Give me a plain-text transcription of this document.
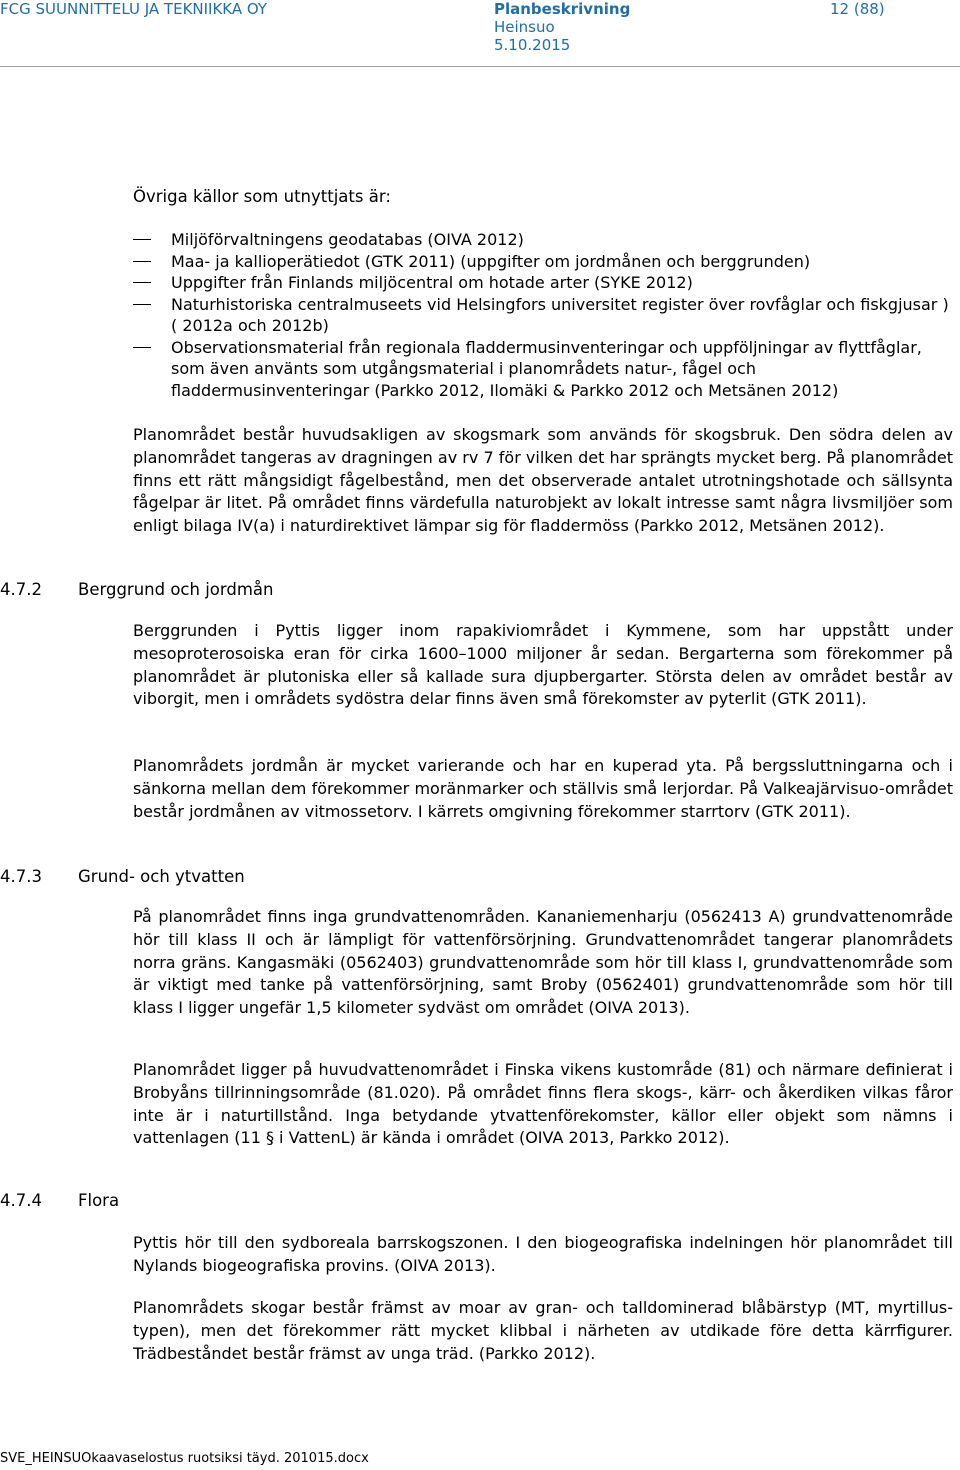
FCG SUUNNITTELU JA TEKNIIKKA OY	Planbeskrivning
Heinsuo
5.10.2015
12 (88)

Övriga källor som utnyttjats är:

Miljöförvaltningens geodatabas (OIVA 2012)
Maa- ja kallioperätiedot (GTK 2011) (uppgifter om jordmånen och berggrunden)
Uppgifter från Finlands miljöcentral om hotade arter (SYKE 2012)
Naturhistoriska centralmuseets vid Helsingfors universitet register över rovfåglar och fiskgjusar )( 2012a och 2012b)
Observationsmaterial från regionala fladdermusinventeringar och uppföljningar av flyttfåglar, som även använts som utgångsmaterial i planområdets natur-, fågel och fladdermusinventeringar (Parkko 2012, Ilomäki & Parkko 2012 och Metsänen 2012)

Planområdet består huvudsakligen av skogsmark som används för skogsbruk. Den södra delen av planområdet tangeras av dragningen av rv 7 för vilken det har sprängts mycket berg. På planområdet finns ett rätt mångsidigt fågelbestånd, men det observerade antalet utrotningshotade och sällsynta fågelpar är litet. På området finns värdefulla naturobjekt av lokalt intresse samt några livsmiljöer som enligt bilaga IV(a) i naturdirektivet lämpar sig för fladdermöss (Parkko 2012, Metsänen 2012).

4.7.2 Berggrund och jordmån

Berggrunden i Pyttis ligger inom rapakiviområdet i Kymmene, som har uppstått under mesoproterosoiska eran för cirka 1600–1000 miljoner år sedan. Bergarterna som förekommer på planområdet är plutoniska eller så kallade sura djupbergarter. Största delen av området består av viborgit, men i områdets sydöstra delar finns även små förekomster av pyterlit (GTK 2011).

Planområdets jordmån är mycket varierande och har en kuperad yta. På bergssluttningarna och i sänkorna mellan dem förekommer moränmarker och ställvis små lerjordar. På Valkeajärvisuo-området består jordmånen av vitmossetorv. I kärrets omgivning förekommer starrtorv (GTK 2011).

4.7.3 Grund- och ytvatten

På planområdet finns inga grundvattenområden. Kananiemenharju (0562413 A) grundvattenområde hör till klass II och är lämpligt för vattenförsörjning. Grundvattenområdet tangerar planområdets norra gräns. Kangasmäki (0562403) grundvattenområde som hör till klass I, grundvattenområde som är viktigt med tanke på vattenförsörjning, samt Broby (0562401) grundvattenområde som hör till klass I ligger ungefär 1,5 kilometer sydväst om området (OIVA 2013).

Planområdet ligger på huvudvattenområdet i Finska vikens kustområde (81) och närmare definierat i Brobyåns tillrinningsområde (81.020). På området finns flera skogs-, kärr- och åkerdiken vilkas fåror inte är i naturtillstånd. Inga betydande ytvattenförekomster, källor eller objekt som nämns i vattenlagen (11 § i VattenL) är kända i området (OIVA 2013, Parkko 2012).

4.7.4 Flora

Pyttis hör till den sydboreala barrskogszonen. I den biogeografiska indelningen hör planområdet till Nylands biogeografiska provins. (OIVA 2013).

Planområdets skogar består främst av moar av gran- och talldominerad blåbärstyp (MT, myrtillus-typen), men det förekommer rätt mycket klibbal i närheten av utdikade före detta kärrfigurer. Trädbeståndet består främst av unga träd. (Parkko 2012).

SVE_HEINSUOkaavaselostus ruotsiksi täyd. 201015.docx
